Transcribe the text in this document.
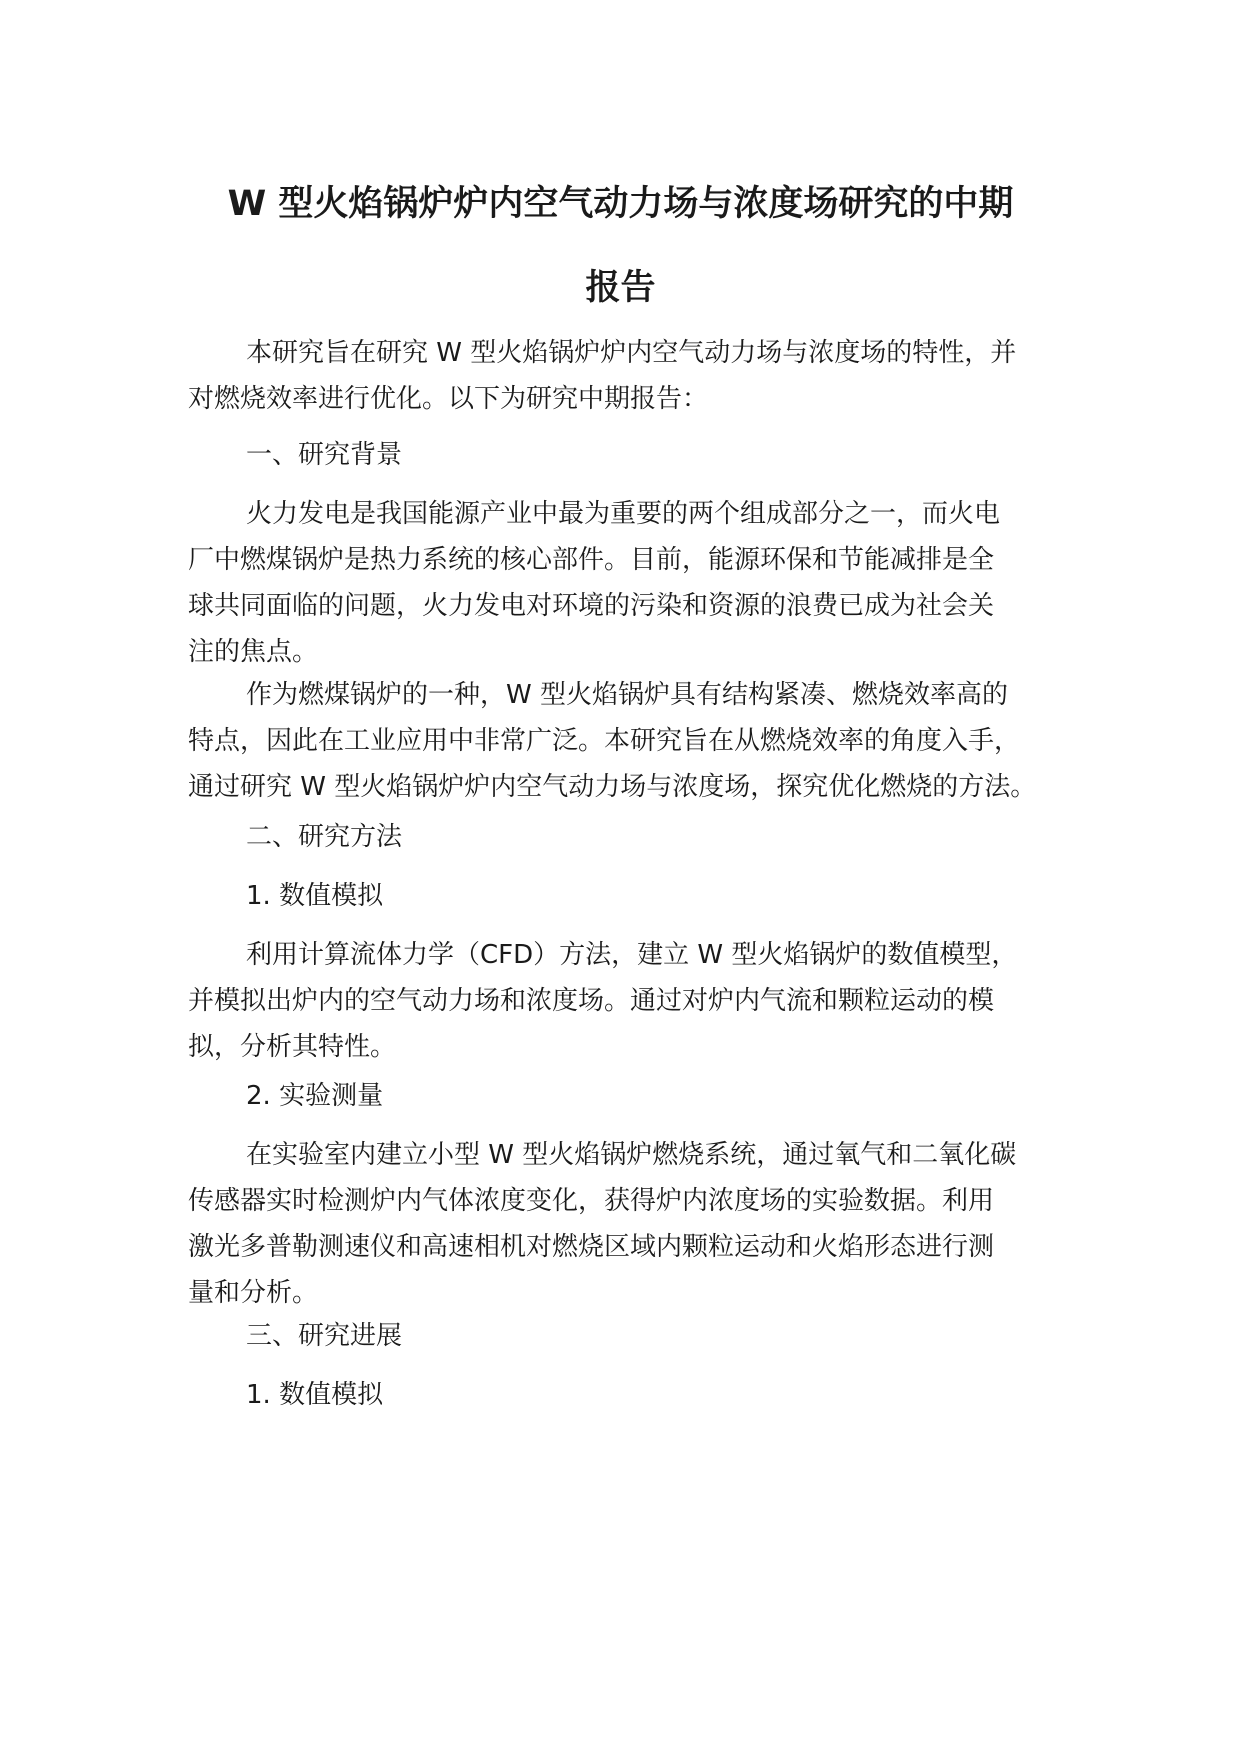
W 型火焰锅炉炉内空气动力场与浓度场研究的中期
报告

本研究旨在研究 W 型火焰锅炉炉内空气动力场与浓度场的特性，并
对燃烧效率进行优化。以下为研究中期报告：

一、研究背景

火力发电是我国能源产业中最为重要的两个组成部分之一，而火电
厂中燃煤锅炉是热力系统的核心部件。目前，能源环保和节能减排是全
球共同面临的问题，火力发电对环境的污染和资源的浪费已成为社会关
注的焦点。

作为燃煤锅炉的一种，W 型火焰锅炉具有结构紧凑、燃烧效率高的
特点，因此在工业应用中非常广泛。本研究旨在从燃烧效率的角度入手，
通过研究 W 型火焰锅炉炉内空气动力场与浓度场，探究优化燃烧的方法。

二、研究方法
1. 数值模拟

利用计算流体力学（CFD）方法，建立 W 型火焰锅炉的数值模型，
并模拟出炉内的空气动力场和浓度场。通过对炉内气流和颗粒运动的模
拟，分析其特性。

2. 实验测量

在实验室内建立小型 W 型火焰锅炉燃烧系统，通过氧气和二氧化碳
传感器实时检测炉内气体浓度变化，获得炉内浓度场的实验数据。利用
激光多普勒测速仪和高速相机对燃烧区域内颗粒运动和火焰形态进行测
量和分析。

三、研究进展
1. 数值模拟
